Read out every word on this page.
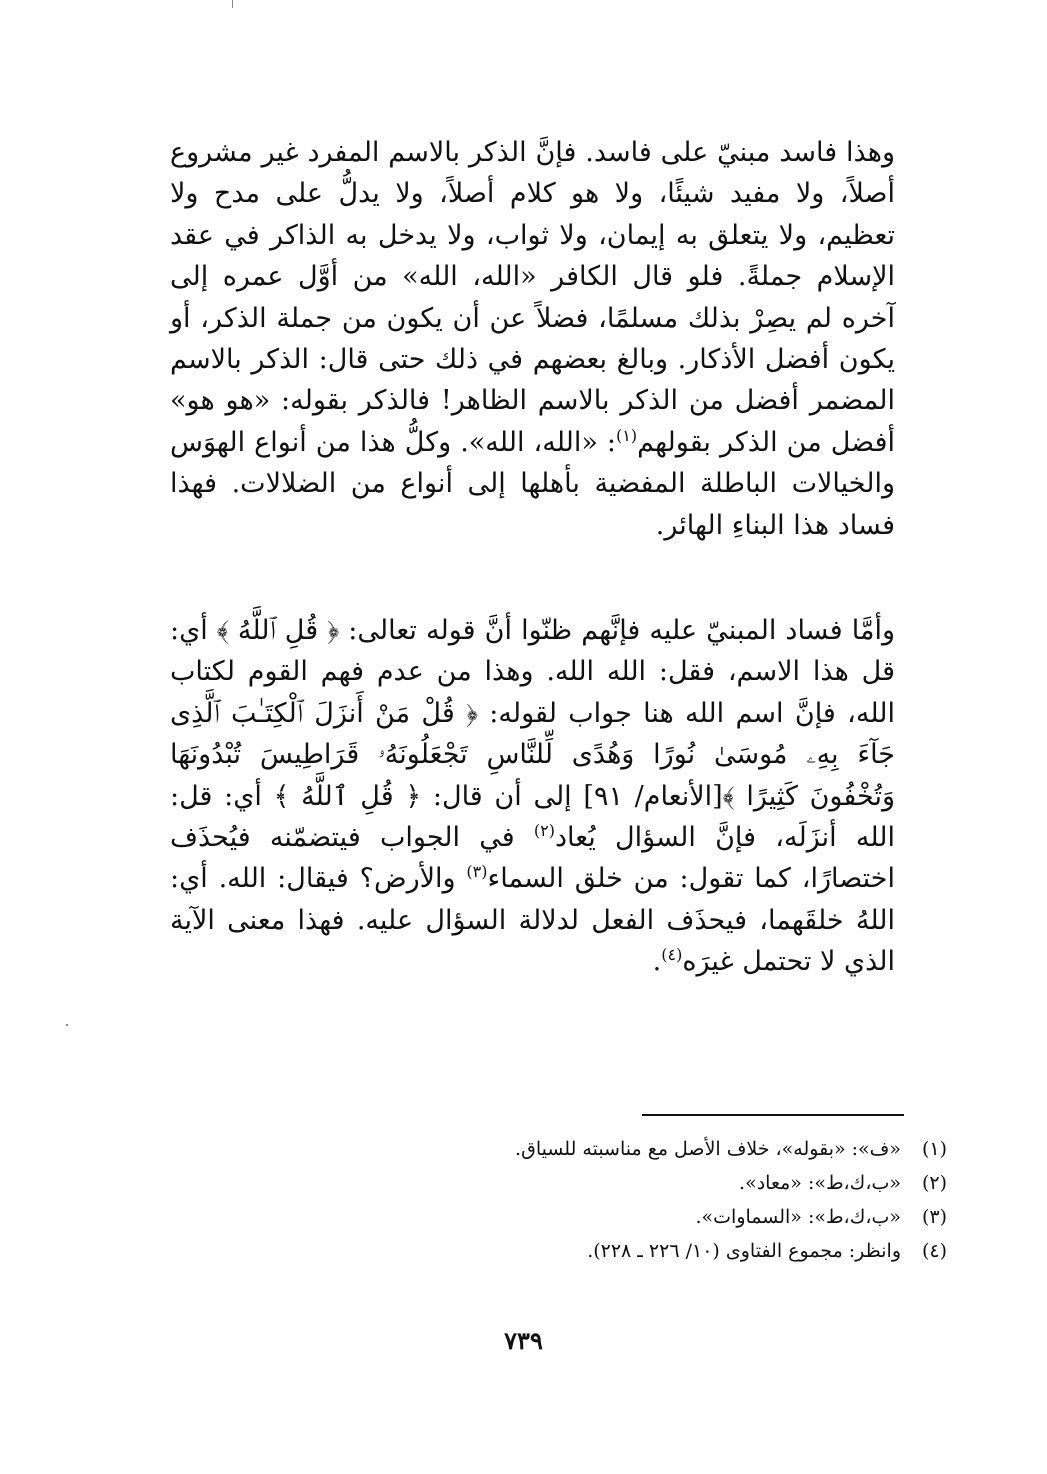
وهذا فاسد مبنيّ على فاسد. فإنَّ الذكر بالاسم المفرد غير مشروع أصلاً، ولا مفيد شيئًا، ولا هو كلام أصلاً، ولا يدلُّ على مدح ولا تعظيم، ولا يتعلق به إيمان، ولا ثواب، ولا يدخل به الذاكر في عقد الإسلام جملةً. فلو قال الكافر «الله، الله» من أوَّل عمره إلى آخره لم يصِرْ بذلك مسلمًا، فضلاً عن أن يكون من جملة الذكر، أو يكون أفضل الأذكار. وبالغ بعضهم في ذلك حتى قال: الذكر بالاسم المضمر أفضل من الذكر بالاسم الظاهر! فالذكر بقوله: «هو هو» أفضل من الذكر بقولهم$^{(١)}$: «الله، الله». وكلُّ هذا من أنواع الهوَس والخيالات الباطلة المفضية بأهلها إلى أنواع من الضلالات. فهذا فساد هذا البناءِ الهائر.

وأمَّا فساد المبنيّ عليه فإنَّهم ظنّوا أنَّ قوله تعالى: ﴿ قُلِ ٱللَّهُ ﴾ أي: قل هذا الاسم، فقل: الله الله. وهذا من عدم فهم القوم لكتاب الله، فإنَّ اسم الله هنا جواب لقوله: ﴿ قُلْ مَنْ أَنزَلَ ٱلْكِتَـٰبَ ٱلَّذِى جَآءَ بِهِۦ مُوسَىٰ نُورًا وَهُدًى لِّلنَّاسِ تَجْعَلُونَهُۥ قَرَاطِيسَ تُبْدُونَهَا وَتُخْفُونَ كَثِيرًا ﴾[الأنعام/ ٩١] إلى أن قال: ﴿ قُلِ ٱللَّهُ ﴾ أي: قل: الله أنزَلَه، فإنَّ السؤال يُعاد$^{(٢)}$ في الجواب فيتضمّنه فيُحذَف اختصارًا، كما تقول: من خلق السماء$^{(٣)}$ والأرض؟ فيقال: الله. أي: اللهُ خلقَهما، فيحذَف الفعل لدلالة السؤال عليه. فهذا معنى الآية الذي لا تحتمل غيرَه$^{(٤)}$.

(١)«ف»: «بقوله»، خلاف الأصل مع مناسبته للسياق.
(٢)«ب،ك،ط»: «معاد».
(٣)«ب،ك،ط»: «السماوات».
(٤)وانظر: مجموع الفتاوى (١٠/ ٢٢٦ ـ ٢٢٨).
٧٣٩
